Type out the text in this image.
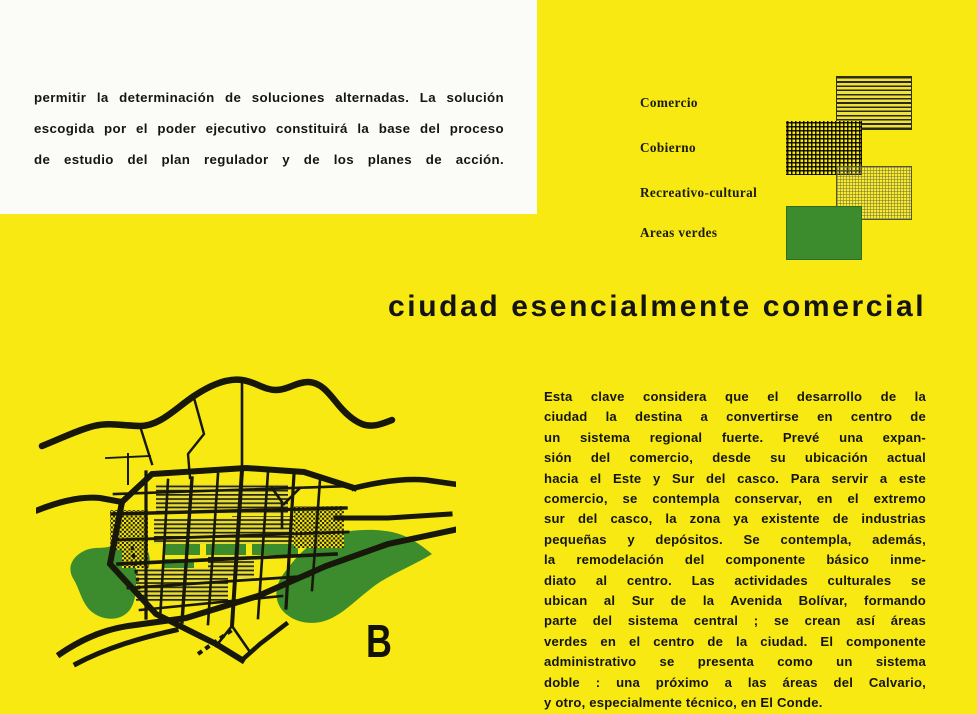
permitir la determinación de soluciones alternadas. La solución
escogida por el poder ejecutivo constituirá la base del proceso
de estudio del plan regulador y de los planes de acción.
Comercio
Cobierno
Recreativo-cultural
Areas verdes
ciudad esencialmente comercial
B
Esta clave considera que el desarrollo de la
ciudad la destina a convertirse en centro de
un sistema regional fuerte. Prevé una expan-
sión del comercio, desde su ubicación actual
hacia el Este y Sur del casco. Para servir a este
comercio, se contempla conservar, en el extremo
sur del casco, la zona ya existente de industrias
pequeñas y depósitos. Se contempla, además,
la remodelación del componente básico inme-
diato al centro. Las actividades culturales se
ubican al Sur de la Avenida Bolívar, formando
parte del sistema central ; se crean así áreas
verdes en el centro de la ciudad. El componente
administrativo se presenta como un sistema
doble : una próximo a las áreas del Calvario,
y otro, especialmente técnico, en El Conde.
